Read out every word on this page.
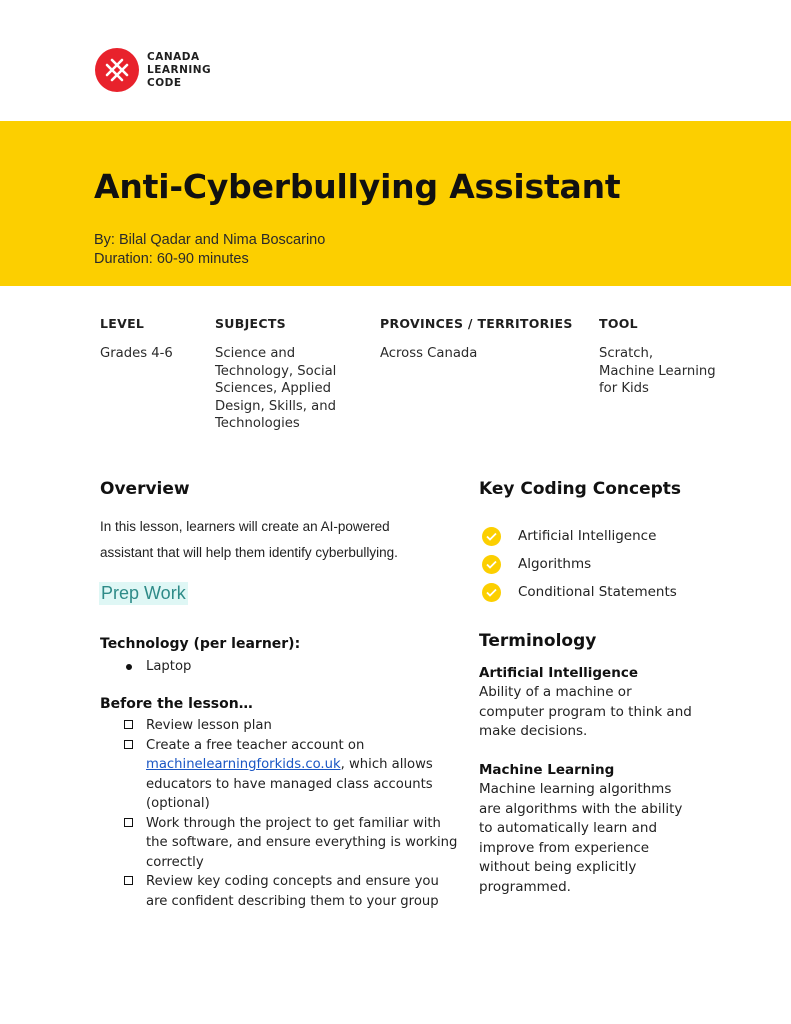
CANADA
LEARNING
CODE
Anti-Cyberbullying Assistant
By: Bilal Qadar and Nima Boscarino
Duration: 60-90 minutes
LEVEL
Grades 4-6
SUBJECTS
Science and
Technology, Social
Sciences, Applied
Design, Skills, and
Technologies
PROVINCES / TERRITORIES
Across Canada
TOOL
Scratch,
Machine Learning
for Kids
Overview
In this lesson, learners will create an AI-powered
assistant that will help them identify cyberbullying.
Prep Work
Technology (per learner):
Laptop
Before the lesson…
Review lesson plan
Create a free teacher account on machinelearningforkids.co.uk, which allows educators to have managed class accounts (optional)
Work through the project to get familiar with the software, and ensure everything is working correctly
Review key coding concepts and ensure you are confident describing them to your group
Key Coding Concepts
Artificial Intelligence
Algorithms
Conditional Statements
Terminology
Artificial Intelligence
Ability of a machine or computer program to think and make decisions.
Machine Learning
Machine learning algorithms are algorithms with the ability to automatically learn and improve from experience without being explicitly programmed.
